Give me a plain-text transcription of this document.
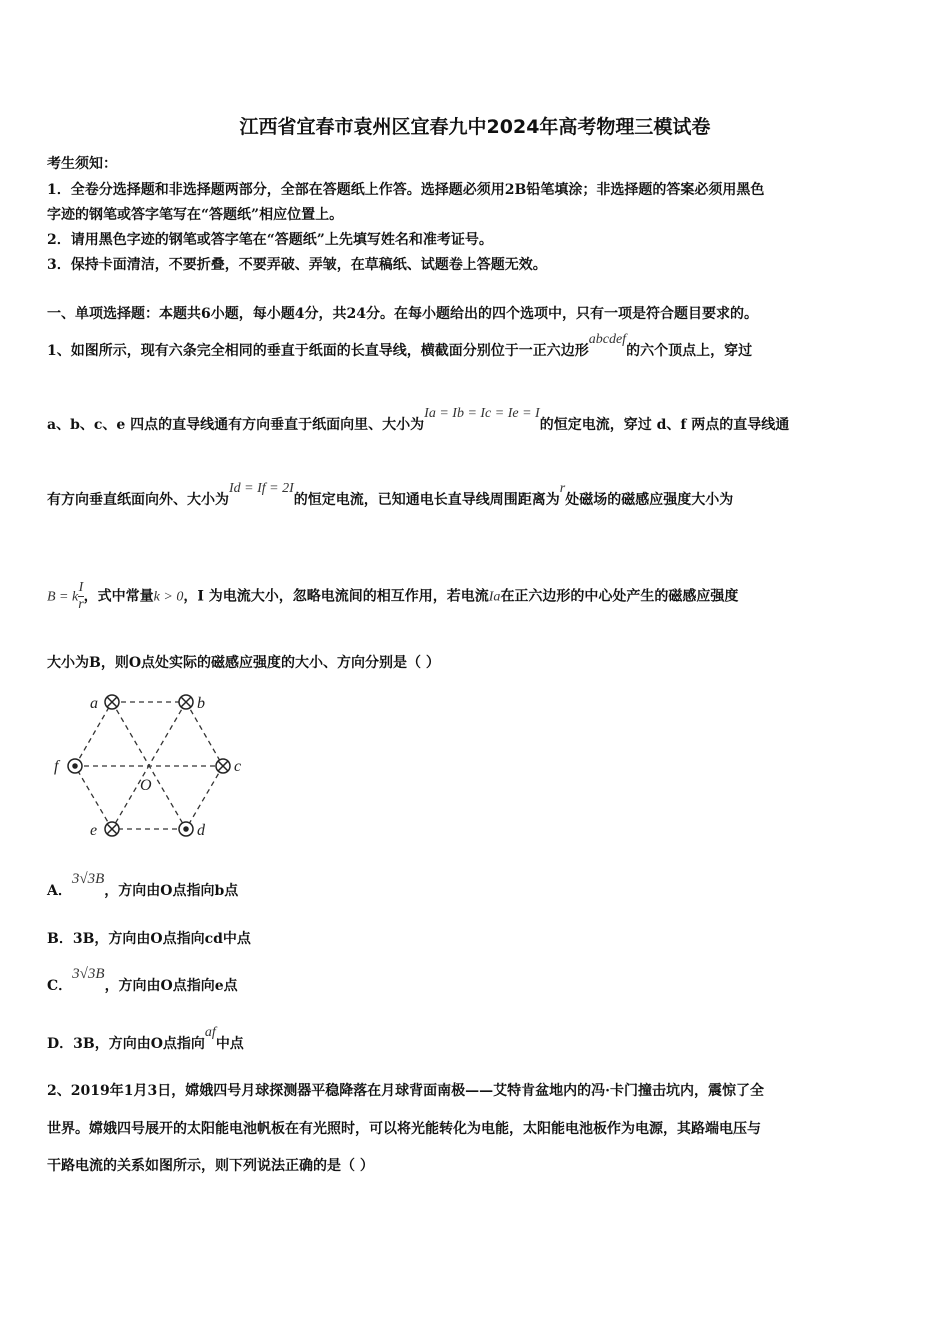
江西省宜春市袁州区宜春九中2024年高考物理三模试卷
考生须知：
1．全卷分选择题和非选择题两部分，全部在答题纸上作答。选择题必须用2B铅笔填涂；非选择题的答案必须用黑色
字迹的钢笔或答字笔写在“答题纸”相应位置上。
2．请用黑色字迹的钢笔或答字笔在“答题纸”上先填写姓名和准考证号。
3．保持卡面清洁，不要折叠，不要弄破、弄皱，在草稿纸、试题卷上答题无效。
一、单项选择题：本题共6小题，每小题4分，共24分。在每小题给出的四个选项中，只有一项是符合题目要求的。
1、如图所示，现有六条完全相同的垂直于纸面的长直导线，横截面分别位于一正六边形abcdef的六个顶点上，穿过
a、b、c、e 四点的直导线通有方向垂直于纸面向里、大小为Ia = Ib = Ic = Ie = I的恒定电流，穿过 d、f 两点的直导线通
有方向垂直纸面向外、大小为Id = If = 2I的恒定电流，已知通电长直导线周围距离为r处磁场的磁感应强度大小为
B = k $\frac{I}{r}$ ，式中常量k > 0，I 为电流大小，忽略电流间的相互作用，若电流Ia在正六边形的中心处产生的磁感应强度
大小为B，则O点处实际的磁感应强度的大小、方向分别是（ ）
a	b
c
d
e
f
O
A．3√3B，方向由O点指向b点
B．3B，方向由O点指向cd中点
C．3√3B，方向由O点指向e点
D．3B，方向由O点指向af中点
2、2019年1月3日，嫦娥四号月球探测器平稳降落在月球背面南极——艾特肯盆地内的冯·卡门撞击坑内，震惊了全
世界。嫦娥四号展开的太阳能电池帆板在有光照时，可以将光能转化为电能，太阳能电池板作为电源，其路端电压与
干路电流的关系如图所示，则下列说法正确的是（ ）
